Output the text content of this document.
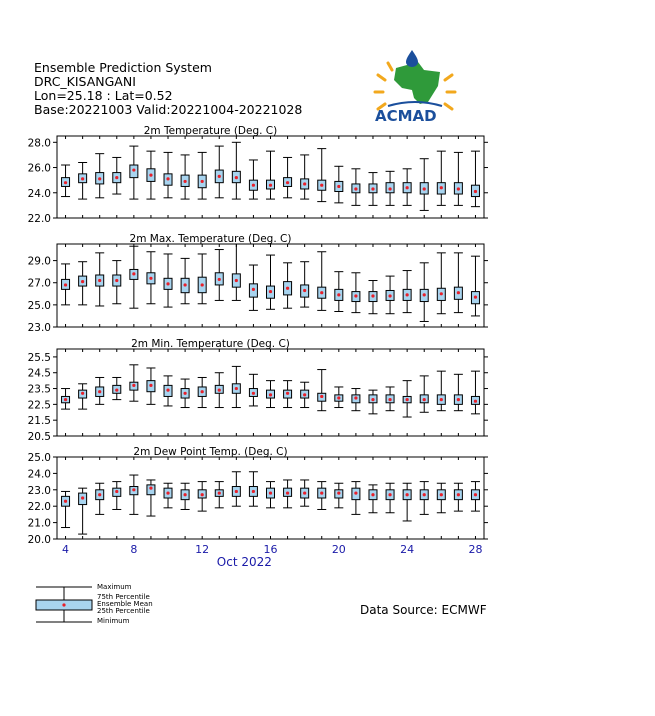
Ensemble Prediction System
DRC_KISANGANI
Lon=25.18 : Lat=0.52
Base:20221003 Valid:20221004-20221028	ACMAD
2m Temperature (Deg. C)
22.0
24.0
26.0
28.0
2m Max. Temperature (Deg. C)
23.0
25.0
27.0
29.0
2m Min. Temperature (Deg. C)
20.5
21.5
22.5
23.5
24.5
25.5
2m Dew Point Temp. (Deg. C)
20.0
21.0
22.0
23.0
24.0
25.0
4	8	12	16	20	24	28
Oct 2022
Maximum
75th Percentile
Ensemble Mean
25th Percentile
Minimum
Data Source: ECMWF
